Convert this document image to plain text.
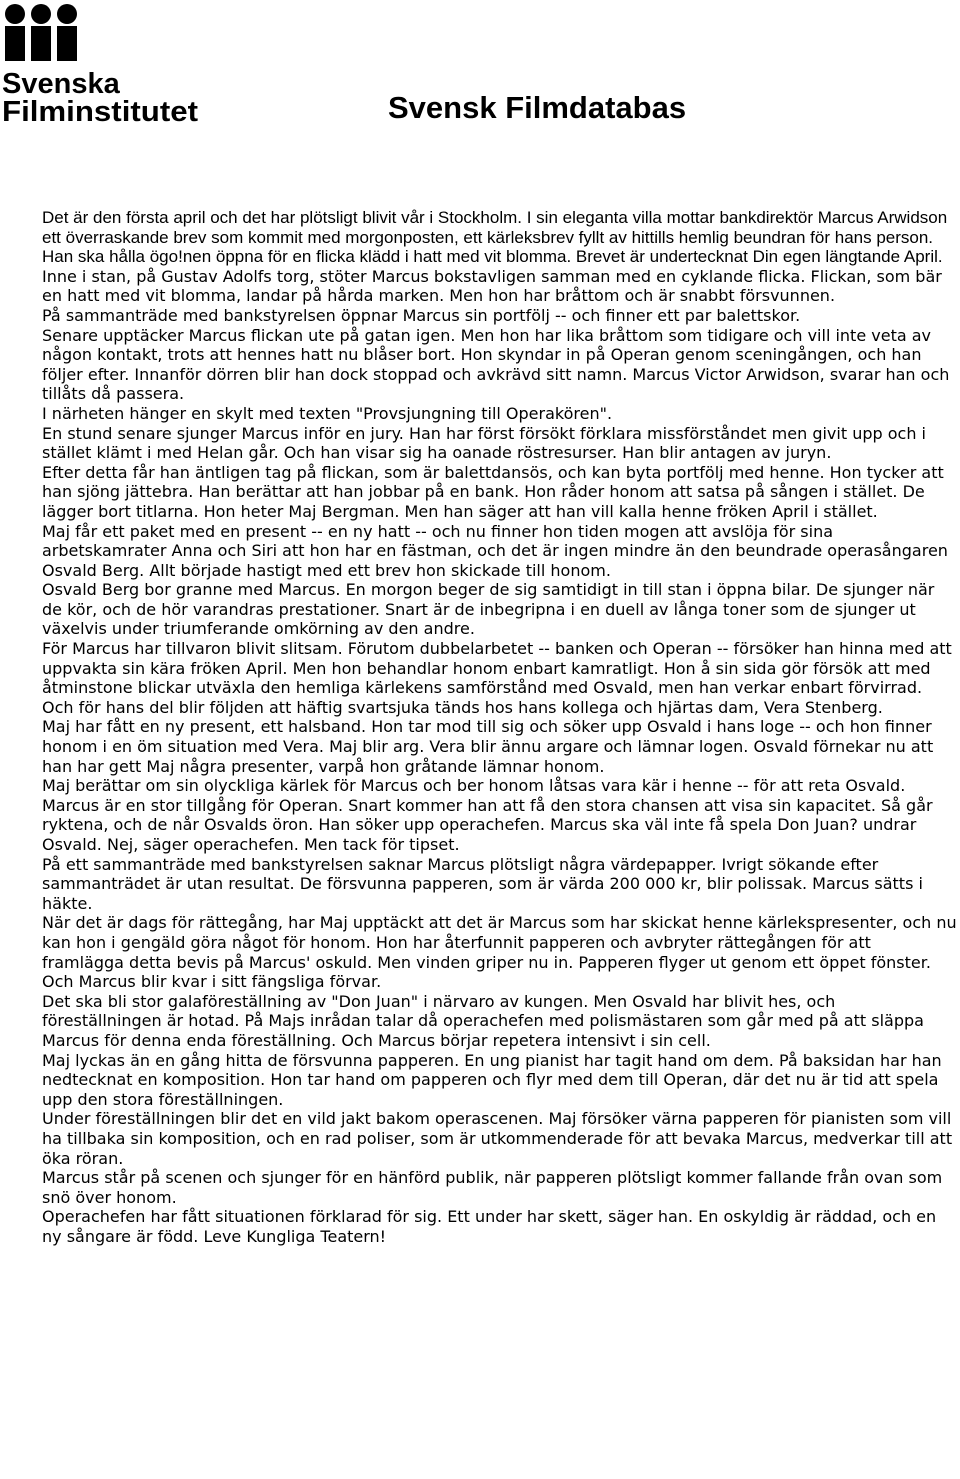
Svenska
Filminstitutet	Svensk Filmdatabas

Det är den första april och det har plötsligt blivit vår i Stockholm. I sin eleganta villa mottar bankdirektör Marcus Arwidson ett överraskande brev som kommit med morgonposten, ett kärleksbrev fyllt av hittills hemlig beundran för hans person. Han ska hålla ögo!nen öppna för en flicka klädd i hatt med vit blomma. Brevet är undertecknat Din egen längtande April.

Inne i stan, på Gustav Adolfs torg, stöter Marcus bokstavligen samman med en cyklande flicka. Flickan, som bär en hatt med vit blomma, landar på hårda marken. Men hon har bråttom och är snabbt försvunnen.

På sammanträde med bankstyrelsen öppnar Marcus sin portfölj -- och finner ett par balettskor.

Senare upptäcker Marcus flickan ute på gatan igen. Men hon har lika bråttom som tidigare och vill inte veta av någon kontakt, trots att hennes hatt nu blåser bort. Hon skyndar in på Operan genom sceningången, och han följer efter. Innanför dörren blir han dock stoppad och avkrävd sitt namn. Marcus Victor Arwidson, svarar han och tillåts då passera.

I närheten hänger en skylt med texten "Provsjungning till Operakören".

En stund senare sjunger Marcus inför en jury. Han har först försökt förklara missförståndet men givit upp och i stället klämt i med Helan går. Och han visar sig ha oanade röstresurser. Han blir antagen av juryn.

Efter detta får han äntligen tag på flickan, som är balettdansös, och kan byta portfölj med henne. Hon tycker att han sjöng jättebra. Han berättar att han jobbar på en bank. Hon råder honom att satsa på sången i stället. De lägger bort titlarna. Hon heter Maj Bergman. Men han säger att han vill kalla henne fröken April i stället.

Maj får ett paket med en present -- en ny hatt -- och nu finner hon tiden mogen att avslöja för sina arbetskamrater Anna och Siri att hon har en fästman, och det är ingen mindre än den beundrade operasångaren Osvald Berg. Allt började hastigt med ett brev hon skickade till honom.

Osvald Berg bor granne med Marcus. En morgon beger de sig samtidigt in till stan i öppna bilar. De sjunger när de kör, och de hör varandras prestationer. Snart är de inbegripna i en duell av långa toner som de sjunger ut växelvis under triumferande omkörning av den andre.

För Marcus har tillvaron blivit slitsam. Förutom dubbelarbetet -- banken och Operan -- försöker han hinna med att uppvakta sin kära fröken April. Men hon behandlar honom enbart kamratligt. Hon å sin sida gör försök att med åtminstone blickar utväxla den hemliga kärlekens samförstånd med Osvald, men han verkar enbart förvirrad. Och för hans del blir följden att häftig svartsjuka tänds hos hans kollega och hjärtas dam, Vera Stenberg.

Maj har fått en ny present, ett halsband. Hon tar mod till sig och söker upp Osvald i hans loge -- och hon finner honom i en öm situation med Vera. Maj blir arg. Vera blir ännu argare och lämnar logen. Osvald förnekar nu att han har gett Maj några presenter, varpå hon gråtande lämnar honom.

Maj berättar om sin olyckliga kärlek för Marcus och ber honom låtsas vara kär i henne -- för att reta Osvald.

Marcus är en stor tillgång för Operan. Snart kommer han att få den stora chansen att visa sin kapacitet. Så går ryktena, och de når Osvalds öron. Han söker upp operachefen. Marcus ska väl inte få spela Don Juan? undrar Osvald. Nej, säger operachefen. Men tack för tipset.

På ett sammanträde med bankstyrelsen saknar Marcus plötsligt några värdepapper. Ivrigt sökande efter sammanträdet är utan resultat. De försvunna papperen, som är värda 200 000 kr, blir polissak. Marcus sätts i häkte.

När det är dags för rättegång, har Maj upptäckt att det är Marcus som har skickat henne kärlekspresenter, och nu kan hon i gengäld göra något för honom. Hon har återfunnit papperen och avbryter rättegången för att framlägga detta bevis på Marcus' oskuld. Men vinden griper nu in. Papperen flyger ut genom ett öppet fönster. Och Marcus blir kvar i sitt fängsliga förvar.

Det ska bli stor galaföreställning av "Don Juan" i närvaro av kungen. Men Osvald har blivit hes, och föreställningen är hotad. På Majs inrådan talar då operachefen med polismästaren som går med på att släppa Marcus för denna enda föreställning. Och Marcus börjar repetera intensivt i sin cell.

Maj lyckas än en gång hitta de försvunna papperen. En ung pianist har tagit hand om dem. På baksidan har han nedtecknat en komposition. Hon tar hand om papperen och flyr med dem till Operan, där det nu är tid att spela upp den stora föreställningen.

Under föreställningen blir det en vild jakt bakom operascenen. Maj försöker värna papperen för pianisten som vill ha tillbaka sin komposition, och en rad poliser, som är utkommenderade för att bevaka Marcus, medverkar till att öka röran.

Marcus står på scenen och sjunger för en hänförd publik, när papperen plötsligt kommer fallande från ovan som snö över honom.

Operachefen har fått situationen förklarad för sig. Ett under har skett, säger han. En oskyldig är räddad, och en ny sångare är född. Leve Kungliga Teatern!
